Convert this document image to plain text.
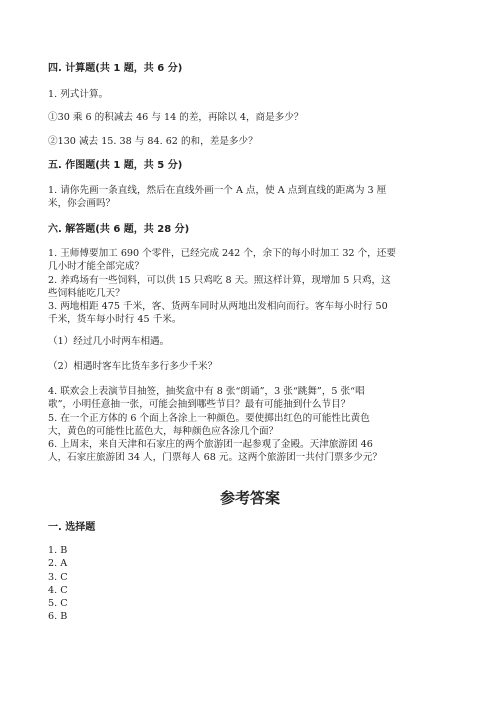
四. 计算题(共 1 题，共 6 分)
1. 列式计算。
①30 乘 6 的积减去 46 与 14 的差，再除以 4，商是多少？
②130 减去 15. 38 与 84. 62 的和，差是多少？
五. 作图题(共 1 题，共 5 分)
1. 请你先画一条直线，然后在直线外画一个 A 点，使 A 点到直线的距离为 3 厘
米，你会画吗？
六. 解答题(共 6 题，共 28 分)
1. 王师傅要加工 690 个零件，已经完成 242 个，余下的每小时加工 32 个，还要
几小时才能全部完成？
2. 养鸡场有一些饲料，可以供 15 只鸡吃 8 天。照这样计算，现增加 5 只鸡，这
些饲料能吃几天？
3. 两地相距 475 千米，客、货两车同时从两地出发相向而行。客车每小时行 50
千米，货车每小时行 45 千米。
（1）经过几小时两车相遇。
（2）相遇时客车比货车多行多少千米？
4. 联欢会上表演节目抽签，抽奖盒中有 8 张“朗诵”，3 张“跳舞”，5 张“唱
歌”，小明任意抽一张，可能会抽到哪些节目？最有可能抽到什么节目？
5. 在一个正方体的 6 个面上各涂上一种颜色。要使掷出红色的可能性比黄色
大，黄色的可能性比蓝色大，每种颜色应各涂几个面？
6. 上周末，来自天津和石家庄的两个旅游团一起参观了金殿。天津旅游团 46
人，石家庄旅游团 34 人，门票每人 68 元。这两个旅游团一共付门票多少元？
参考答案
一. 选择题
1. B
2. A
3. C
4. C
5. C
6. B
